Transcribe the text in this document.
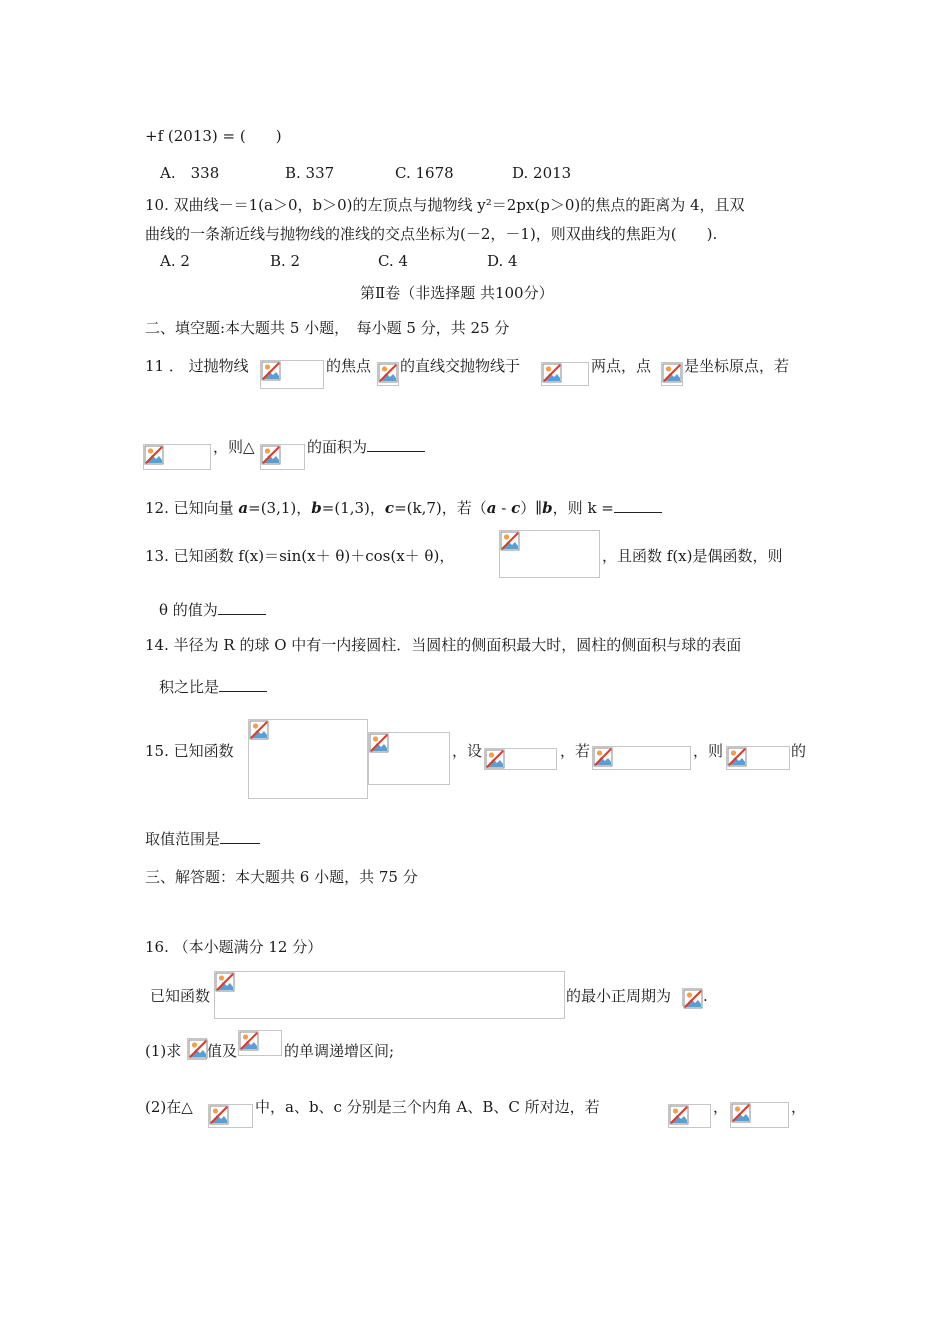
+f (2013) = (　　)
A.　338	B. 337	C. 1678	D. 2013
10. 双曲线－＝1(a＞0，b＞0)的左顶点与抛物线 y²＝2px(p＞0)的焦点的距离为 4，且双
曲线的一条渐近线与抛物线的准线的交点坐标为(－2，－1)，则双曲线的焦距为(　　).
A. 2	B. 2	C. 4	D. 4
第Ⅱ卷（非选择题 共100分）
二、填空题:本大题共 5 小题，　每小题 5 分，共 25 分
11 ． 过抛物线	的焦点 的直线交抛物线于	两点，点 是坐标原点，若
，则△	的面积为
12. 已知向量 a=(3,1)，b=(1,3)，c=(k,7)，若（a - c）∥b，则 k =
13. 已知函数 f(x)＝sin(x＋ θ)＋cos(x＋ θ)，	，且函数 f(x)是偶函数，则
θ 的值为
14. 半径为 R 的球 O 中有一内接圆柱．当圆柱的侧面积最大时，圆柱的侧面积与球的表面
积之比是
15. 已知函数	，设	，若	，则	的
取值范围是
三、解答题：本大题共 6 小题，共 75 分
16. （本小题满分 12 分）
已知函数	的最小正周期为 .
(1)求 值及	的单调递增区间;
(2)在△	中，a、b、c 分别是三个内角 A、B、C 所对边，若	，	，
